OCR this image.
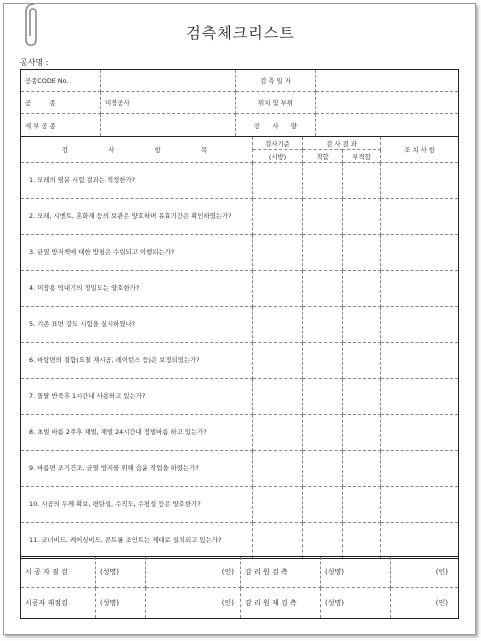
검측체크리스트
공사명 :
공종CODE No.		검 측 일 자	
공         종	미장공사	위치 및 부위	
세 부 공 종		공      사      량	
검      사      항      목	검사기준	검 사 결 과		조 치 사 항
	(시방)	적합	부적합	
1. 모레의 염분 시험 결과는 적정한가?				
2. 모래, 시멘트, 혼화재 등의 보관은 양호하며 유효기간은 확인하였는가?				
3. 균열 방지책에 대한 방침은 수립되고 이행되는가?				
4. 미장용 먹내기의 정밀도는 양호한가?				
5. 기존 표면 강도 시험을 실시하였나?				
6. 바탕면의 결함(요철 재시공, 레이턴스 등)은 보정되었는가?				
7. 몰탈 반죽후 1시간내 사용하고 있는가?				
8. 초벌 바름 2주후 재벌, 재벌 24시간내 정벌바름 하고 있는가?				
9. 바름면 조기건조, 균열 방지를 위해 습윤 작업을 하였는가?				
10. 시공의 두께 확보, 평탄성, 수직도, 수평성 등은 양호한가?				
11. 코너비드, 케이싱비드, 콘트롤 조인트는 제대로 설치되고 있는가?				
시 공 자 점 검	(성명)	(인)	감 리 원 검 측	(성명)	(인)
시공자 재점검	(성명)	(인)	감 리 원 재 검 측	(성명)	(인)
